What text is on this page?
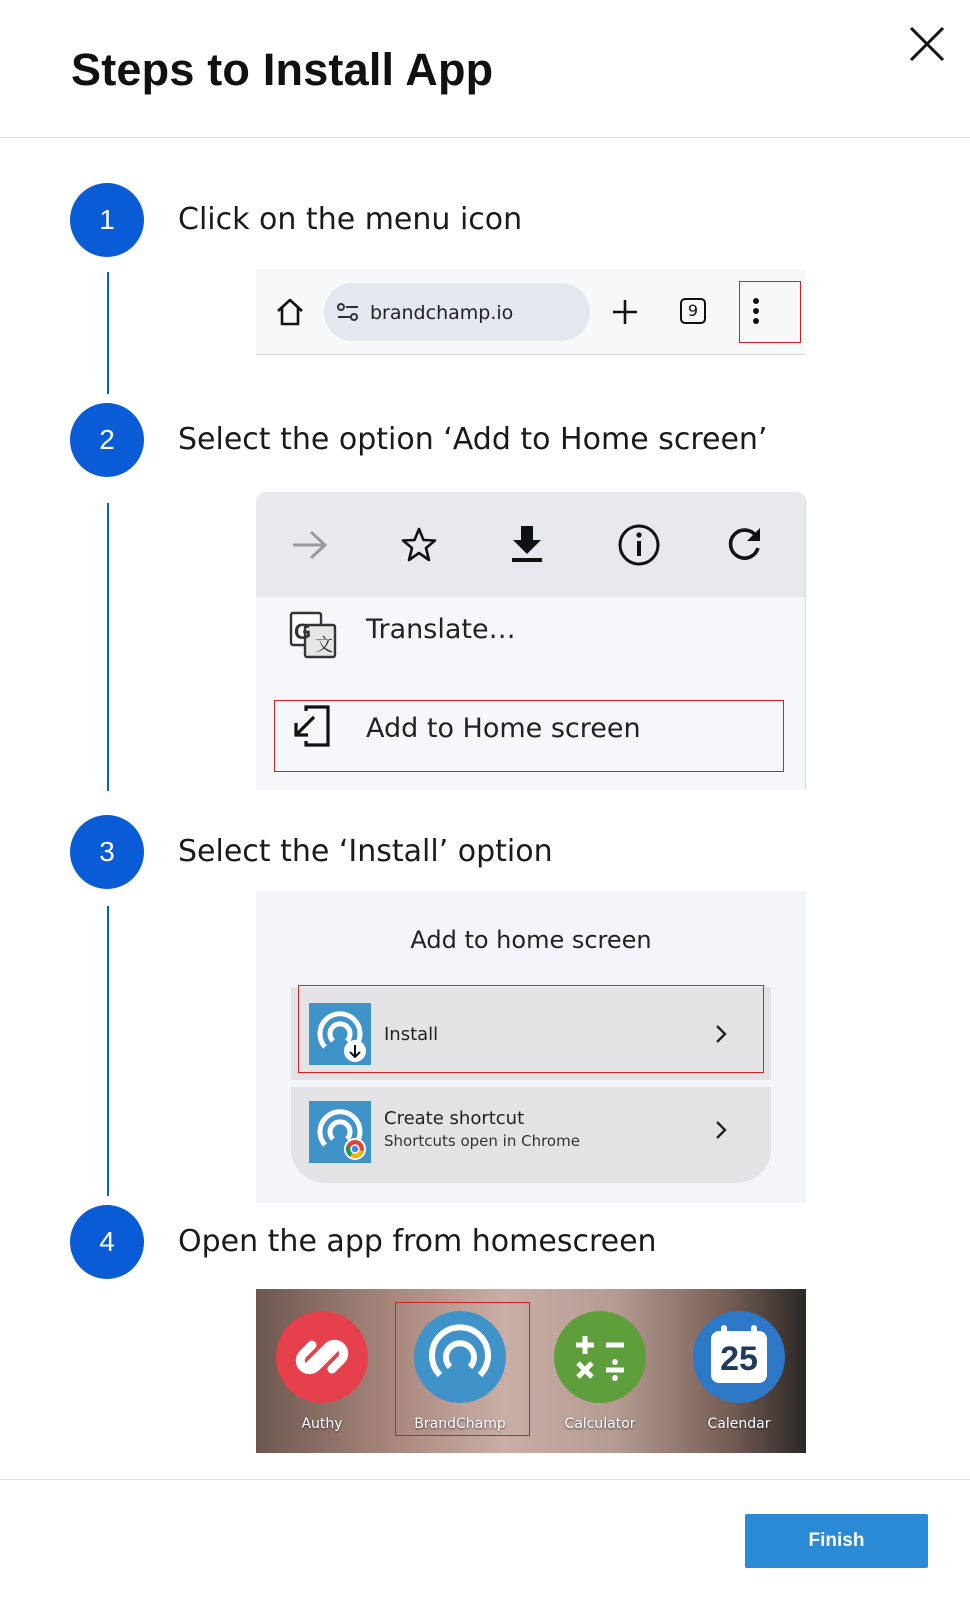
Steps to Install App
1	Click on the menu icon
brandchamp.io	9
2	Select the option ‘Add to Home screen’
G
文
Translate…
Add to Home screen
3	Select the ‘Install’ option
Add to home screen
Install
Create shortcut
Shortcuts open in Chrome
4	Open the app from homescreen
Authy	BrandChamp	Calculator
25
Calendar
Finish
